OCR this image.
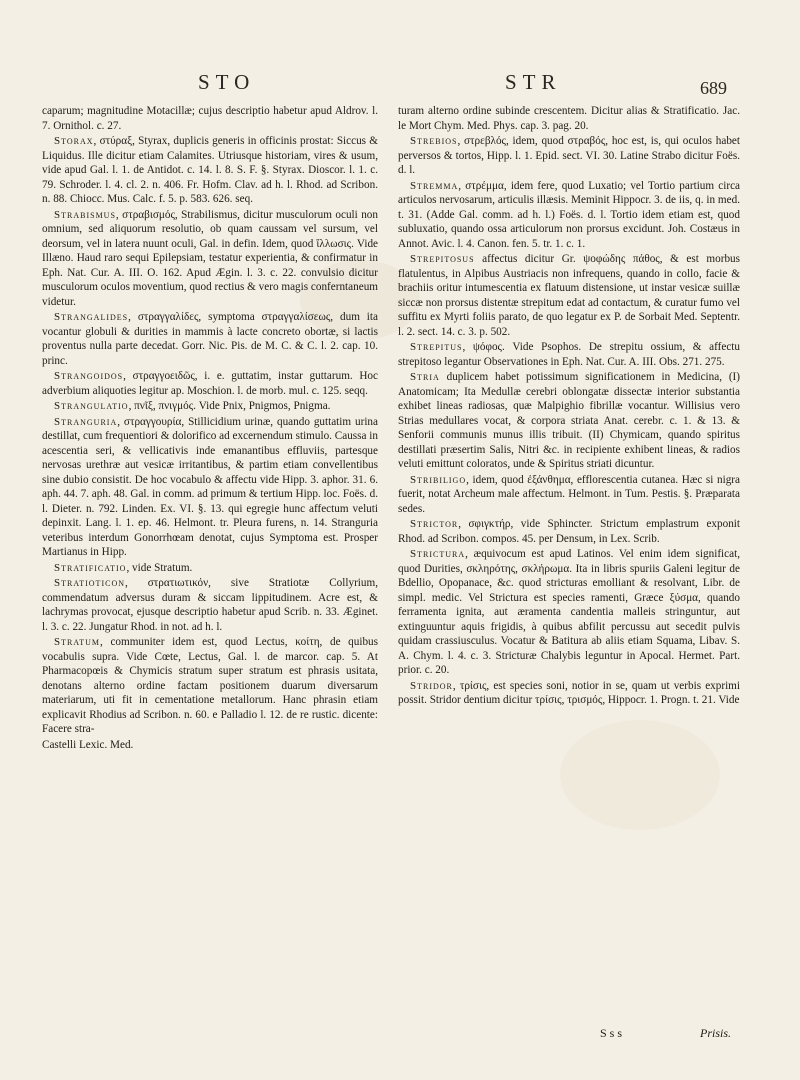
STO	STR	689

caparum; magnitudine Motacillæ; cujus descriptio habetur apud Aldrov. l. 7. Ornithol. c. 27.

Storax, στύραξ, Styrax, duplicis generis in officinis prostat: Siccus & Liquidus. Ille dicitur etiam Calamites. Utriusque historiam, vires & usum, vide apud Gal. l. 1. de Antidot. c. 14. l. 8. S. F. §. Styrax. Dioscor. l. 1. c. 79. Schroder. l. 4. cl. 2. n. 406. Fr. Hofm. Clav. ad h. l. Rhod. ad Scribon. n. 88. Chiocc. Mus. Calc. f. 5. p. 583. 626. seq.

Strabismus, στραβισμός, Strabilismus, dicitur musculorum oculi non omnium, sed aliquorum resolutio, ob quam caussam vel sursum, vel deorsum, vel in latera nuunt oculi, Gal. in defin. Idem, quod ἴλλωσις. Vide Illæno. Haud raro sequi Epilepsiam, testatur experientia, & confirmatur in Eph. Nat. Cur. A. III. O. 162. Apud Ægin. l. 3. c. 22. convulsio dicitur musculorum oculos moventium, quod rectius & vero magis conferntaneum videtur.

Strangalides, στραγγαλίδες, symptoma στραγγαλίσεως, dum ita vocantur globuli & durities in mammis à lacte concreto obortæ, si lactis proventus nulla parte decedat. Gorr. Nic. Pis. de M. C. & C. l. 2. cap. 10. princ.

Strangoidos, στραγγοειδῶς, i. e. guttatim, instar guttarum. Hoc adverbium aliquoties legitur ap. Moschion. l. de morb. mul. c. 125. seqq.

Strangulatio, πνῖξ, πνιγμός. Vide Pnix, Pnigmos, Pnigma.

Stranguria, στραγγουρία, Stillicidium urinæ, quando guttatim urina destillat, cum frequentiori & dolorifico ad excernendum stimulo. Caussa in acescentia seri, & vellicativis inde emanantibus effluviis, partesque nervosas urethræ aut vesicæ irritantibus, & partim etiam convellentibus sine dubio consistit. De hoc vocabulo & affectu vide Hipp. 3. aphor. 31. 6. aph. 44. 7. aph. 48. Gal. in comm. ad primum & tertium Hipp. loc. Foës. d. l. Dieter. n. 792. Linden. Ex. VI. §. 13. qui egregie hunc affectum veluti depinxit. Lang. l. 1. ep. 46. Helmont. tr. Pleura furens, n. 14. Stranguria veteribus interdum Gonorrhœam denotat, cujus Symptoma est. Prosper Martianus in Hipp.

Stratificatio, vide Stratum.

Stratioticon, στρατιωτικόν, sive Stratiotæ Collyrium, commendatum adversus duram & siccam lippitudinem. Acre est, & lachrymas provocat, ejusque descriptio habetur apud Scrib. n. 33. Æginet. l. 3. c. 22. Jungatur Rhod. in not. ad h. l.

Stratum, communiter idem est, quod Lectus, κοίτη, de quibus vocabulis supra. Vide Cœte, Lectus, Gal. l. de marcor. cap. 5. At Pharmacopœis & Chymicis stratum super stratum est phrasis usitata, denotans alterno ordine factam positionem duarum diversarum materiarum, uti fit in cementatione metallorum. Hanc phrasin etiam explicavit Rhodius ad Scribon. n. 60. e Palladio l. 12. de re rustic. dicente: Facere stra-

Castelli Lexic. Med.

turam alterno ordine subinde crescentem. Dicitur alias & Stratificatio. Jac. le Mort Chym. Med. Phys. cap. 3. pag. 20.

Strebios, στρεβλός, idem, quod στραβός, hoc est, is, qui oculos habet perversos & tortos, Hipp. l. 1. Epid. sect. VI. 30. Latine Strabo dicitur Foës. d. l.

Stremma, στρέμμα, idem fere, quod Luxatio; vel Tortio partium circa articulos nervosarum, articulis illæsis. Meminit Hippocr. 3. de iis, q. in med. t. 31. (Adde Gal. comm. ad h. l.) Foës. d. l. Tortio idem etiam est, quod subluxatio, quando ossa articulorum non prorsus excidunt. Joh. Costæus in Annot. Avic. l. 4. Canon. fen. 5. tr. 1. c. 1.

Strepitosus affectus dicitur Gr. ψοφώδης πάθος, & est morbus flatulentus, in Alpibus Austriacis non infrequens, quando in collo, facie & brachiis oritur intumescentia ex flatuum distensione, ut instar vesicæ suillæ siccæ non prorsus distentæ strepitum edat ad contactum, & curatur fumo vel suffitu ex Myrti foliis parato, de quo legatur ex P. de Sorbait Med. Septentr. l. 2. sect. 14. c. 3. p. 502.

Strepitus, ψόφος. Vide Psophos. De strepitu ossium, & affectu strepitoso legantur Observationes in Eph. Nat. Cur. A. III. Obs. 271. 275.

Stria duplicem habet potissimum significationem in Medicina, (I) Anatomicam; Ita Medullæ cerebri oblongatæ dissectæ interior substantia exhibet lineas radiosas, quæ Malpighio fibrillæ vocantur. Willisius vero Strias medullares vocat, & corpora striata Anat. cerebr. c. 1. & 13. & Senforii communis munus illis tribuit. (II) Chymicam, quando spiritus destillati præsertim Salis, Nitri &c. in recipiente exhibent lineas, & radios veluti emittunt coloratos, unde & Spiritus striati dicuntur.

Stribiligo, idem, quod ἐξάνθημα, efflorescentia cutanea. Hæc si nigra fuerit, notat Archeum male affectum. Helmont. in Tum. Pestis. §. Præparata sedes.

Strictor, σφιγκτήρ, vide Sphincter. Strictum emplastrum exponit Rhod. ad Scribon. compos. 45. per Densum, in Lex. Scrib.

Strictura, æquivocum est apud Latinos. Vel enim idem significat, quod Durities, σκληρότης, σκλήρωμα. Ita in libris spuriis Galeni legitur de Bdellio, Opopanace, &c. quod stricturas emolliant & resolvant, Libr. de simpl. medic. Vel Strictura est species ramenti, Græce ξύσμα, quando ferramenta ignita, aut æramenta candentia malleis stringuntur, aut extinguuntur aquis frigidis, à quibus abfilit percussu aut secedit pulvis quidam crassiusculus. Vocatur & Batitura ab aliis etiam Squama, Libav. S. A. Chym. l. 4. c. 3. Stricturæ Chalybis leguntur in Apocal. Hermet. Part. prior. c. 20.

Stridor, τρίσις, est species soni, notior in se, quam ut verbis exprimi possit. Stridor dentium dicitur τρίσις, τρισμός, Hippocr. 1. Progn. t. 21. Vide

Sss	Prisis.
